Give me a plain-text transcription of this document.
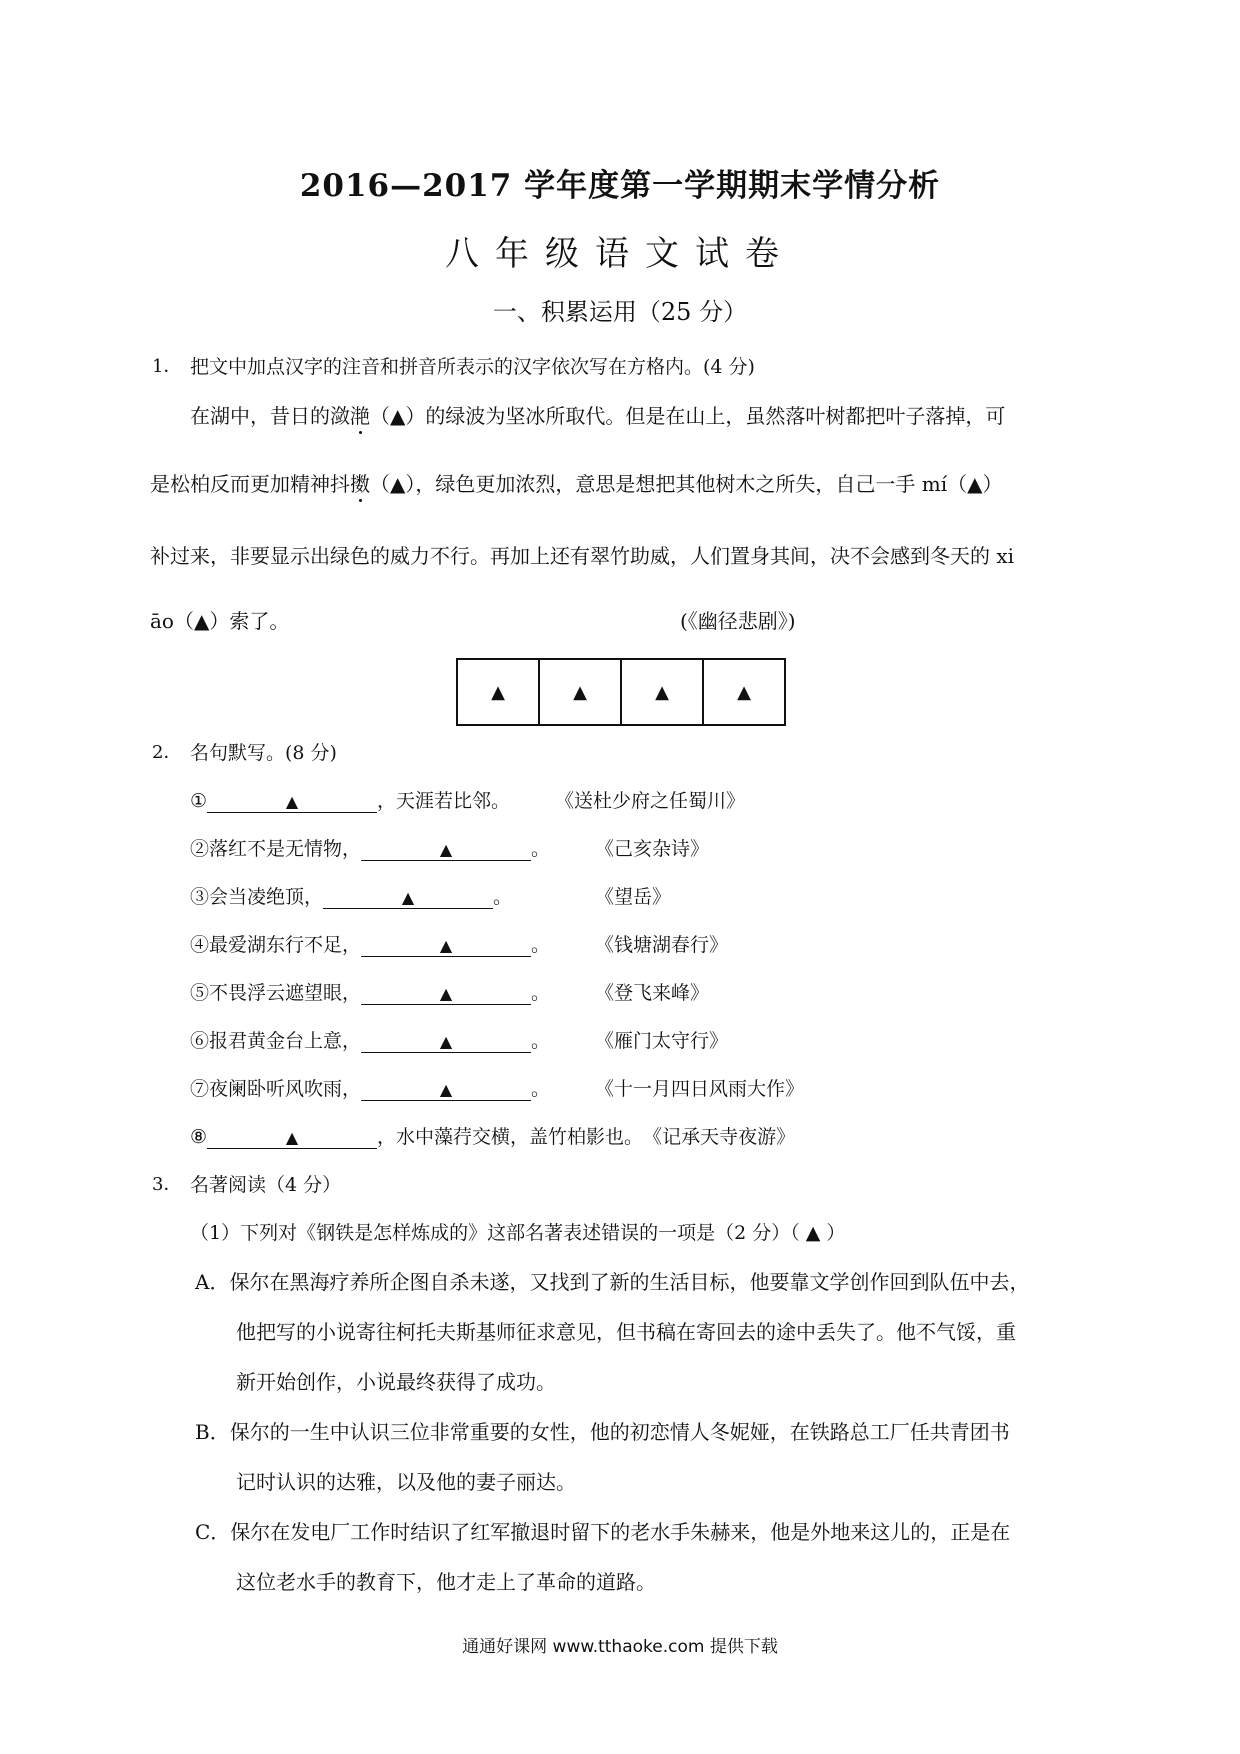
2016—2017 学年度第一学期期末学情分析
八年级语文试卷
一、积累运用（25 分）
1． 把文中加点汉字的注音和拼音所表示的汉字依次写在方格内。(4 分)
在湖中，昔日的潋滟（▲）的绿波为坚冰所取代。但是在山上，虽然落叶树都把叶子落掉，可
是松柏反而更加精神抖擞（▲），绿色更加浓烈，意思是想把其他树木之所失，自己一手 mí（▲）
补过来，非要显示出绿色的威力不行。再加上还有翠竹助威，人们置身其间，决不会感到冬天的 xi
āo（▲）索了。	(《幽径悲剧》)
▲	▲	▲	▲
2． 名句默写。(8 分)
①	▲	，天涯若比邻。 《送杜少府之任蜀川》
②落红不是无情物，	▲	。 《己亥杂诗》
③会当凌绝顶，	▲	。	《望岳》
④最爱湖东行不足，	▲	。 《钱塘湖春行》
⑤不畏浮云遮望眼，	▲	。 《登飞来峰》
⑥报君黄金台上意，	▲	。 《雁门太守行》
⑦夜阑卧听风吹雨，	▲	。 《十一月四日风雨大作》
⑧	▲	，水中藻荇交横，盖竹柏影也。《记承天寺夜游》
3． 名著阅读（4 分）
（1）下列对《钢铁是怎样炼成的》这部名著表述错误的一项是（2 分）（ ▲ ）
A．保尔在黑海疗养所企图自杀未遂，又找到了新的生活目标，他要靠文学创作回到队伍中去，
他把写的小说寄往柯托夫斯基师征求意见，但书稿在寄回去的途中丢失了。他不气馁，重
新开始创作，小说最终获得了成功。
B．保尔的一生中认识三位非常重要的女性，他的初恋情人冬妮娅，在铁路总工厂任共青团书
记时认识的达雅，以及他的妻子丽达。
C．保尔在发电厂工作时结识了红军撤退时留下的老水手朱赫来，他是外地来这儿的，正是在
这位老水手的教育下，他才走上了革命的道路。
通通好课网 www.tthaoke.com 提供下载
